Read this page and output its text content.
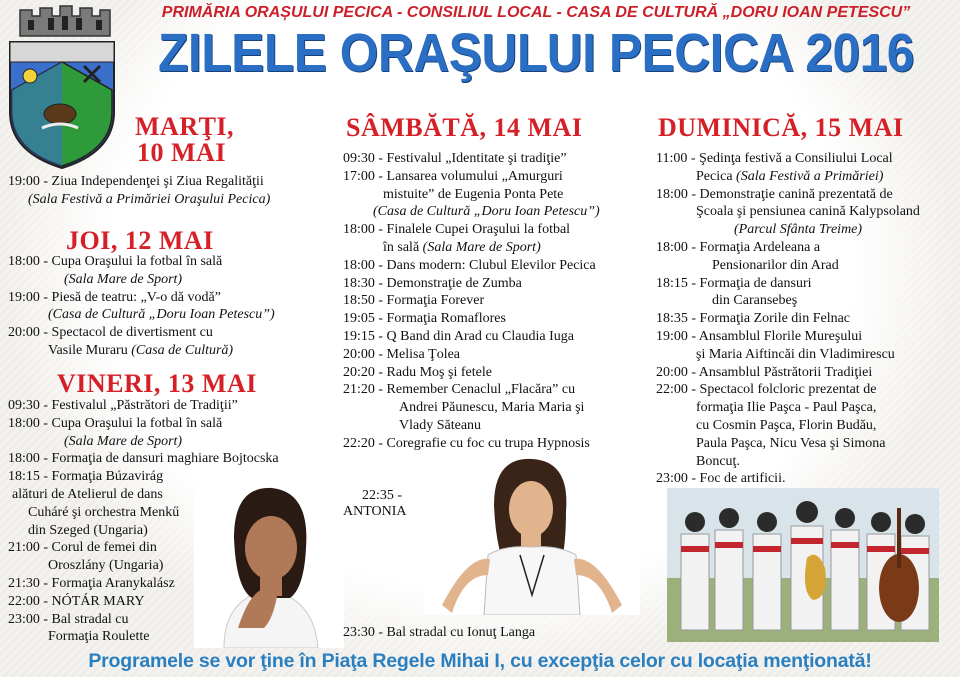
PRIMĂRIA ORAȘULUI PECICA - CONSILIUL LOCAL - CASA DE CULTURĂ „DORU IOAN PETESCU”
ZILELE ORAŞULUI PECICA 2016
MARŢI,
10 MAI
19:00 - Ziua Independenţei şi Ziua Regalităţii
(Sala Festivă a Primăriei Oraşului Pecica)
JOI, 12 MAI
18:00 - Cupa Oraşului la fotbal în sală
(Sala Mare de Sport)
19:00 - Piesă de teatru: „V-o dă vodă”
(Casa de Cultură „Doru Ioan Petescu”)
20:00 - Spectacol de divertisment cu
Vasile Muraru (Casa de Cultură)
VINERI, 13 MAI
09:30 - Festivalul „Păstrători de Tradiţii”
18:00 - Cupa Oraşului la fotbal în sală
(Sala Mare de Sport)
18:00 - Formaţia de dansuri maghiare Bojtocska
18:15 - Formaţia Búzavirág
alături de Atelierul de dans
Cuháré şi orchestra Menkű
din Szeged (Ungaria)
21:00 - Corul de femei din
Oroszlány (Ungaria)
21:30 - Formaţia Aranykalász
22:00 - NÓTÁR MARY
23:00 - Bal stradal cu
Formaţia Roulette
SÂMBĂTĂ, 14 MAI
09:30 - Festivalul „Identitate şi tradiţie”
17:00 - Lansarea volumului „Amurguri
mistuite” de Eugenia Ponta Pete
(Casa de Cultură „Doru Ioan Petescu”)
18:00 - Finalele Cupei Oraşului la fotbal
în sală (Sala Mare de Sport)
18:00 - Dans modern: Clubul Elevilor Pecica
18:30 - Demonstraţie de Zumba
18:50 - Formaţia Forever
19:05 - Formaţia Romaflores
19:15 - Q Band din Arad cu Claudia Iuga
20:00 - Melisa Ţolea
20:20 - Radu Moş şi fetele
21:20 - Remember Cenaclul „Flacăra” cu
Andrei Păunescu, Maria Maria şi
Vlady Săteanu
22:20 - Coregrafie cu foc cu trupa Hypnosis
22:35 -
ANTONIA
23:30 - Bal stradal cu Ionuţ Langa
DUMINICĂ, 15 MAI
11:00 - Şedinţa festivă a Consiliului Local
Pecica (Sala Festivă a Primăriei)
18:00 - Demonstraţie canină prezentată de
Şcoala şi pensiunea canină Kalypsoland
(Parcul Sfânta Treime)
18:00 - Formaţia Ardeleana a
Pensionarilor din Arad
18:15 - Formaţia de dansuri
din Caransebeş
18:35 - Formaţia Zorile din Felnac
19:00 - Ansamblul Florile Mureşului
şi Maria Aiftincăi din Vladimirescu
20:00 - Ansamblul Păstrătorii Tradiţiei
22:00 - Spectacol folcloric prezentat de
formaţia Ilie Paşca - Paul Paşca,
cu Cosmin Paşca, Florin Budău,
Paula Paşca, Nicu Vesa şi Simona
Boncuţ.
23:00 - Foc de artificii.
Programele se vor ţine în Piaţa Regele Mihai I, cu excepţia celor cu locaţia menţionată!
